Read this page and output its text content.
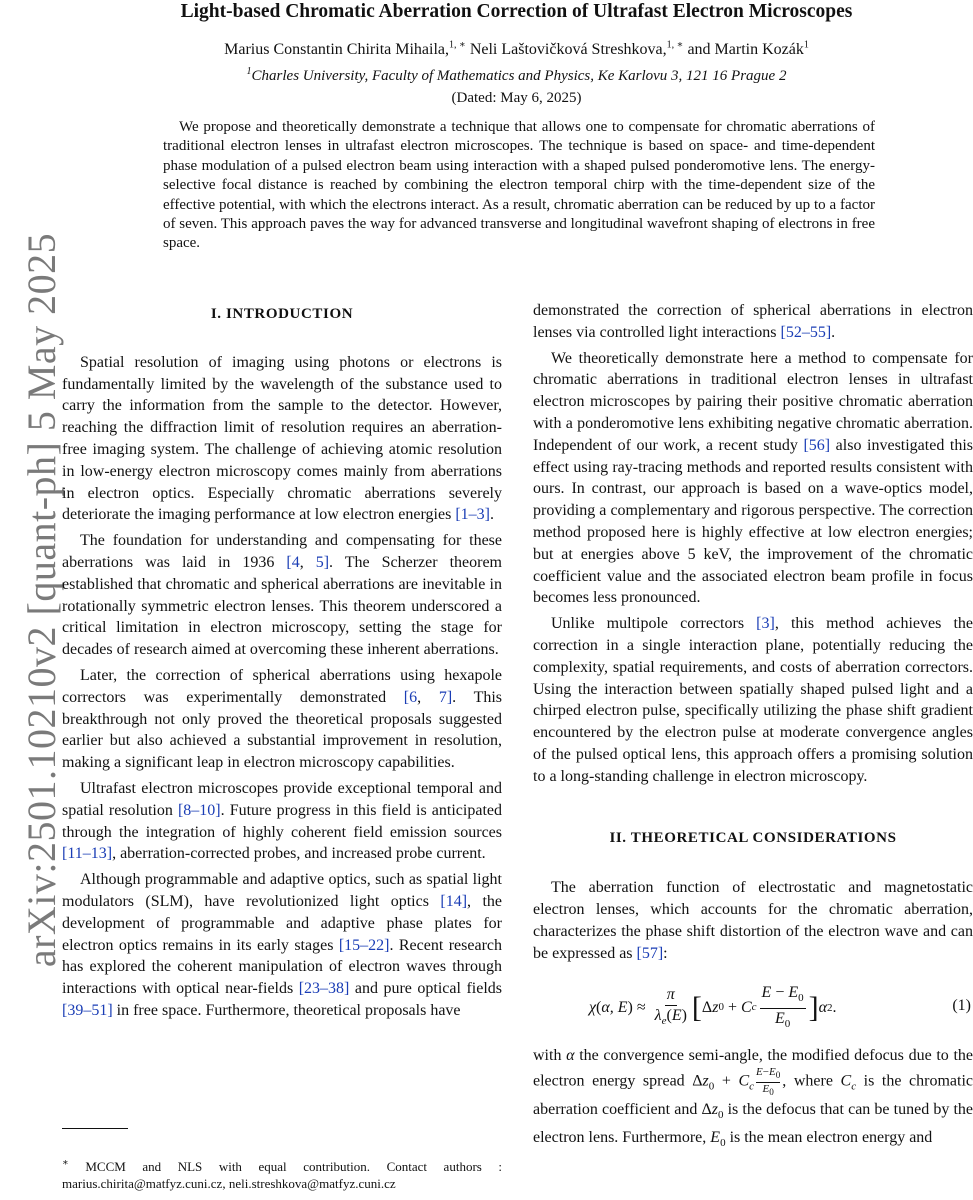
arXiv:2501.10210v2 [quant-ph] 5 May 2025
Light-based Chromatic Aberration Correction of Ultrafast Electron Microscopes
Marius Constantin Chirita Mihaila,$^{1, ∗}$ Neli Laštovičková Streshkova,$^{1, ∗}$ and Martin Kozák$^1$
$^1$Charles University, Faculty of Mathematics and Physics, Ke Karlovu 3, 121 16 Prague 2
(Dated: May 6, 2025)

We propose and theoretically demonstrate a technique that allows one to compensate for chromatic aberrations of traditional electron lenses in ultrafast electron microscopes. The technique is based on space- and time-dependent phase modulation of a pulsed electron beam using interaction with a shaped pulsed ponderomotive lens. The energy-selective focal distance is reached by combining the electron temporal chirp with the time-dependent size of the effective potential, with which the electrons interact. As a result, chromatic aberration can be reduced by up to a factor of seven. This approach paves the way for advanced transverse and longitudinal wavefront shaping of electrons in free space.

I. INTRODUCTION

Spatial resolution of imaging using photons or electrons is fundamentally limited by the wavelength of the substance used to carry the information from the sample to the detector. However, reaching the diffraction limit of resolution requires an aberration-free imaging system. The challenge of achieving atomic resolution in low-energy electron microscopy comes mainly from aberrations in electron optics. Especially chromatic aberrations severely deteriorate the imaging performance at low electron energies [1–3].

The foundation for understanding and compensating for these aberrations was laid in 1936 [4, 5]. The Scherzer theorem established that chromatic and spherical aberrations are inevitable in rotationally symmetric electron lenses. This theorem underscored a critical limitation in electron microscopy, setting the stage for decades of research aimed at overcoming these inherent aberrations.

Later, the correction of spherical aberrations using hexapole correctors was experimentally demonstrated [6, 7]. This breakthrough not only proved the theoretical proposals suggested earlier but also achieved a substantial improvement in resolution, making a significant leap in electron microscopy capabilities.

Ultrafast electron microscopes provide exceptional temporal and spatial resolution [8–10]. Future progress in this field is anticipated through the integration of highly coherent field emission sources [11–13], aberration-corrected probes, and increased probe current.

Although programmable and adaptive optics, such as spatial light modulators (SLM), have revolutionized light optics [14], the development of programmable and adaptive phase plates for electron optics remains in its early stages [15–22]. Recent research has explored the coherent manipulation of electron waves through interactions with optical near-fields [23–38] and pure optical fields [39–51] in free space. Furthermore, theoretical proposals have

demonstrated the correction of spherical aberrations in electron lenses via controlled light interactions [52–55].

We theoretically demonstrate here a method to compensate for chromatic aberrations in traditional electron lenses in ultrafast electron microscopes by pairing their positive chromatic aberration with a ponderomotive lens exhibiting negative chromatic aberration. Independent of our work, a recent study [56] also investigated this effect using ray-tracing methods and reported results consistent with ours. In contrast, our approach is based on a wave-optics model, providing a complementary and rigorous perspective. The correction method proposed here is highly effective at low electron energies; but at energies above 5 keV, the improvement of the chromatic coefficient value and the associated electron beam profile in focus becomes less pronounced.

Unlike multipole correctors [3], this method achieves the correction in a single interaction plane, potentially reducing the complexity, spatial requirements, and costs of aberration correctors. Using the interaction between spatially shaped pulsed light and a chirped electron pulse, specifically utilizing the phase shift gradient encountered by the electron pulse at moderate convergence angles of the pulsed optical lens, this approach offers a promising solution to a long-standing challenge in electron microscopy.

II. THEORETICAL CONSIDERATIONS

The aberration function of electrostatic and magnetostatic electron lenses, which accounts for the chromatic aberration, characterizes the phase shift distortion of the electron wave and can be expressed as [57]:

χ ( α, E ) ≈ $\frac{\pi}{\lambda_e(E)}$ [ Δ z 0 + C c $\frac{E - E_0}{E_0}$ ] α 2 .	(1)

with α the convergence semi-angle, the modified defocus due to the electron energy spread $\Delta z_0 + C_c \frac{E-E_0}{E_0}$ , where $C_c$ is the chromatic aberration coefficient and $\Delta z_0$ is the defocus that can be tuned by the electron lens. Furthermore, $E_0$ is the mean electron energy and

∗ MCCM and NLS with equal contribution. Contact authors : marius.chirita@matfyz.cuni.cz, neli.streshkova@matfyz.cuni.cz
